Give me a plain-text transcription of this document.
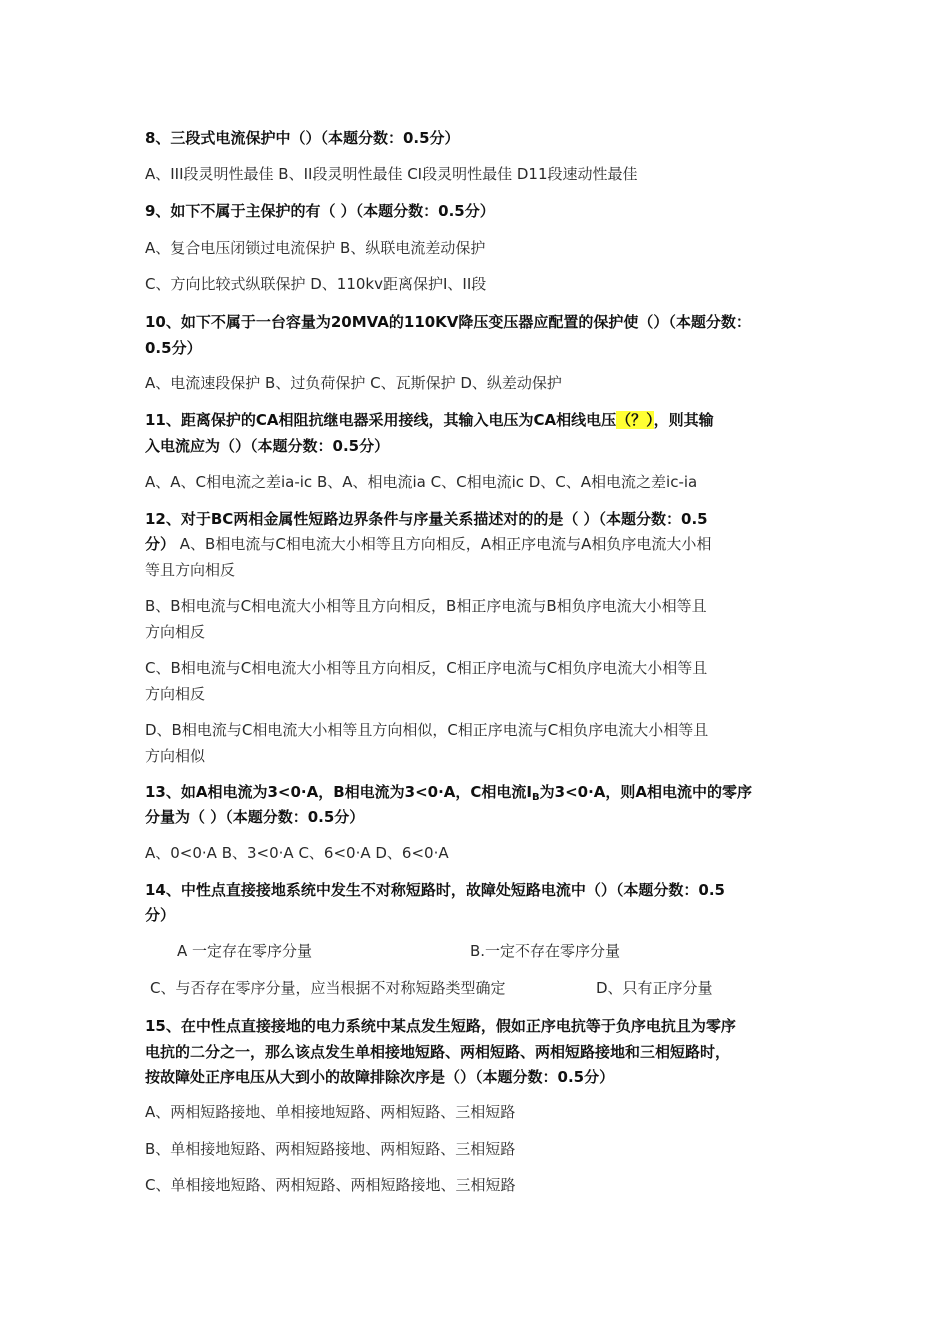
8、三段式电流保护中（）（本题分数：0.5分）
A、III段灵明性最佳 B、II段灵明性最佳 CI段灵明性最佳 D11段速动性最佳
9、如下不属于主保护的有（ ）（本题分数：0.5分）
A、复合电压闭锁过电流保护 B、纵联电流差动保护
C、方向比较式纵联保护 D、110kv距离保护I、II段
10、如下不属于一台容量为20MVA的110KV降压变压器应配置的保护使（）（本题分数：
0.5分）
A、电流速段保护 B、过负荷保护 C、瓦斯保护 D、纵差动保护
11、距离保护的CA相阻抗继电器采用接线，其输入电压为CA相线电压（？），则其输
入电流应为（）（本题分数：0.5分）
A、A、C相电流之差ia-ic B、A、相电流ia C、C相电流ic D、C、A相电流之差ic-ia
12、对于BC两相金属性短路边界条件与序量关系描述对的的是（ ）（本题分数：0.5
分） A、B相电流与C相电流大小相等且方向相反，A相正序电流与A相负序电流大小相
等且方向相反
B、B相电流与C相电流大小相等且方向相反，B相正序电流与B相负序电流大小相等且
方向相反
C、B相电流与C相电流大小相等且方向相反，C相正序电流与C相负序电流大小相等且
方向相反
D、B相电流与C相电流大小相等且方向相似，C相正序电流与C相负序电流大小相等且
方向相似
13、如A相电流为3<0·A，B相电流为3<0·A，C相电流$I_B$为3<0·A，则A相电流中的零序
分量为（ ）（本题分数：0.5分）
A、0<0·A B、3<0·A C、6<0·A D、6<0·A
14、中性点直接接地系统中发生不对称短路时，故障处短路电流中（）（本题分数：0.5
分）
A 一定存在零序分量	B.一定不存在零序分量
C、与否存在零序分量，应当根据不对称短路类型确定	D、只有正序分量
15、在中性点直接接地的电力系统中某点发生短路，假如正序电抗等于负序电抗且为零序
电抗的二分之一，那么该点发生单相接地短路、两相短路、两相短路接地和三相短路时，
按故障处正序电压从大到小的故障排除次序是（）（本题分数：0.5分）
A、两相短路接地、单相接地短路、两相短路、三相短路
B、单相接地短路、两相短路接地、两相短路、三相短路
C、单相接地短路、两相短路、两相短路接地、三相短路
